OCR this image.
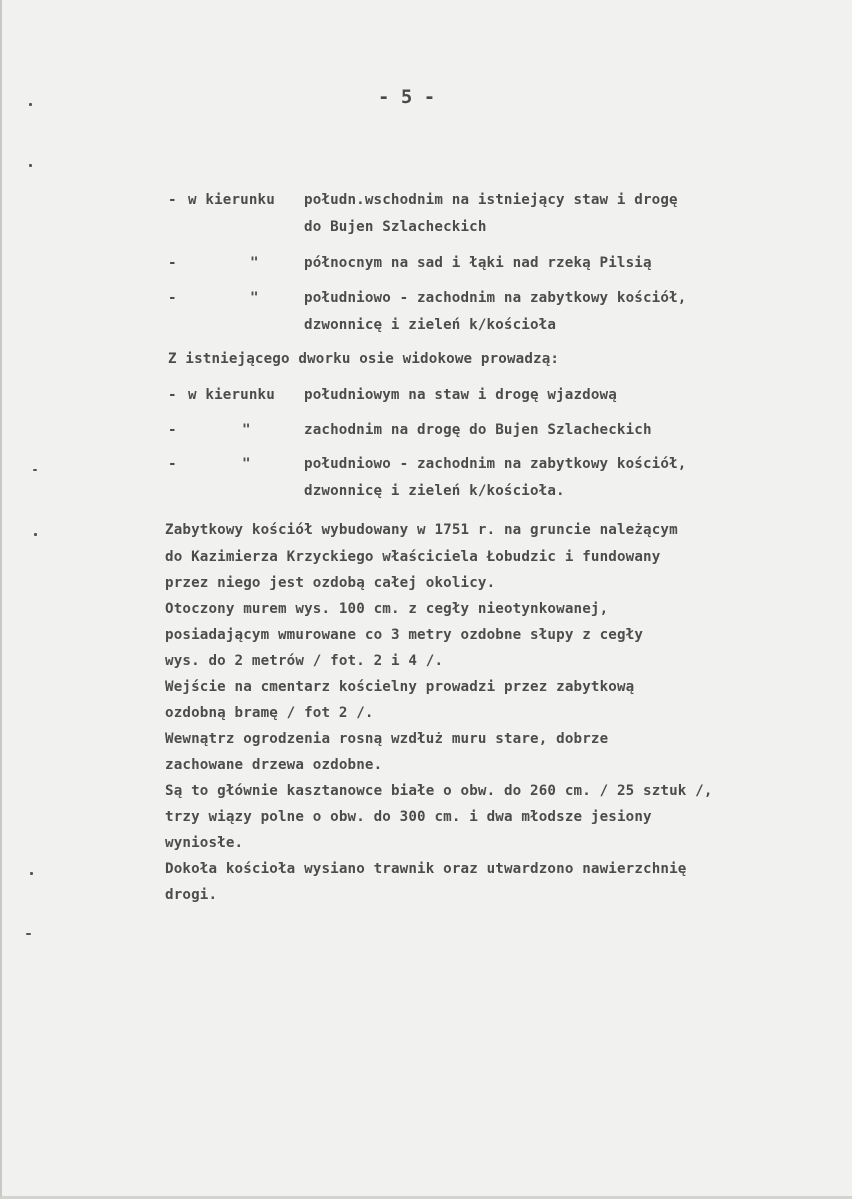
- 5 -
- w kierunku połudn.wschodnim na istniejący staw i drogę
do Bujen Szlacheckich
-	"	północnym na sad i łąki nad rzeką Pilsią
-	"	południowo - zachodnim na zabytkowy kościół,
dzwonnicę i zieleń k/kościoła
Z istniejącego dworku osie widokowe prowadzą:
- w kierunku południowym na staw i drogę wjazdową
-	"	zachodnim na drogę do Bujen Szlacheckich
-	"	południowo - zachodnim na zabytkowy kościół,
dzwonnicę i zieleń k/kościoła.
Zabytkowy kościół wybudowany w 1751 r. na gruncie należącym
do Kazimierza Krzyckiego właściciela Łobudzic i fundowany
przez niego jest ozdobą całej okolicy.
Otoczony murem wys. 100 cm. z cegły nieotynkowanej,
posiadającym wmurowane co 3 metry ozdobne słupy z cegły
wys. do 2 metrów / fot. 2 i 4 /.
Wejście na cmentarz kościelny prowadzi przez zabytkową
ozdobną bramę / fot 2 /.
Wewnątrz ogrodzenia rosną wzdłuż muru stare, dobrze
zachowane drzewa ozdobne.
Są to głównie kasztanowce białe o obw. do 260 cm. / 25 sztuk /,
trzy wiązy polne o obw. do 300 cm. i dwa młodsze jesiony
wyniosłe.
Dokoła kościoła wysiano trawnik oraz utwardzono nawierzchnię
drogi.
